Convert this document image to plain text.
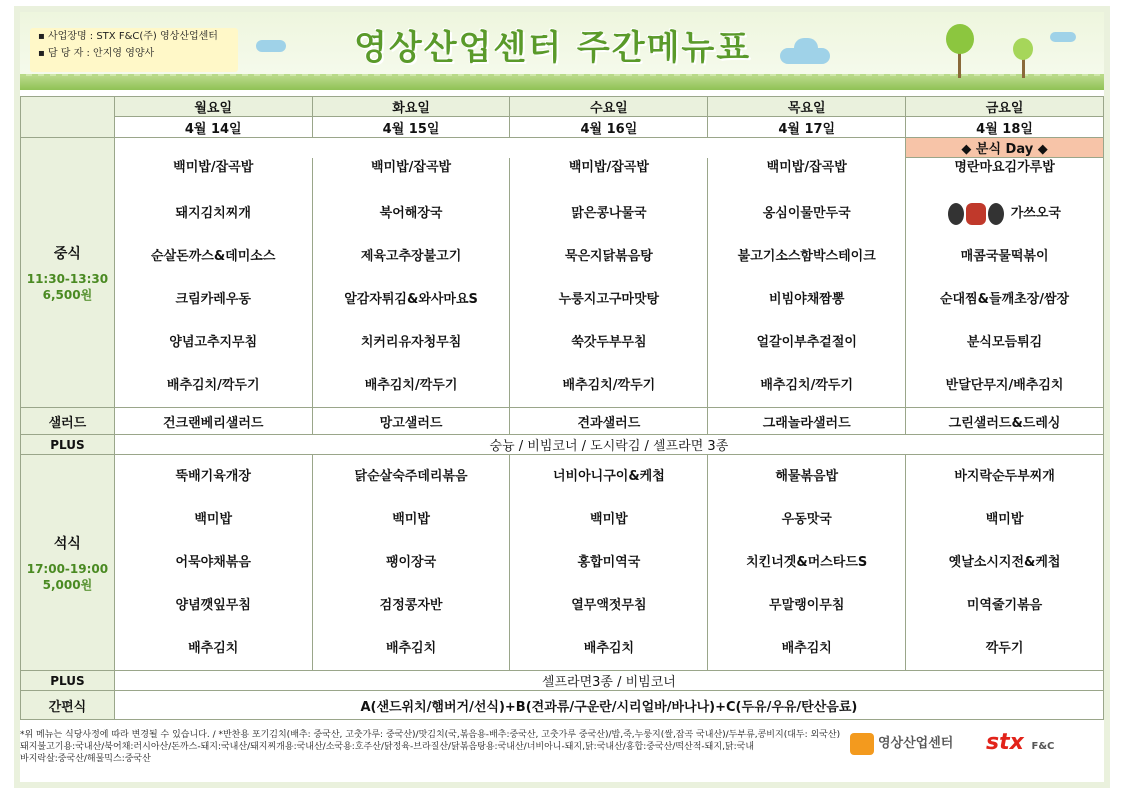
▪ 사업장명 : STX F&C(주) 영상산업센터
▪ 담 당 자 : 안지영 영양사	영상산업센터 주간메뉴표
	월요일	화요일	수요일	목요일	금요일
	4월 14일	4월 15일	4월 16일	4월 17일	4월 18일

중식
11:30-13:30
6,500원					◆ 분식 Day ◆
	백미밥/잡곡밥	백미밥/잡곡밥	백미밥/잡곡밥	백미밥/잡곡밥	명란마요김가루밥
	돼지김치찌개	북어해장국	맑은콩나물국	옹심이물만두국	가쓰오국
	순살돈까스&데미소스	제육고추장불고기	묵은지닭볶음탕	불고기소스함박스테이크	매콤국물떡볶이
	크림카레우동	알감자튀김&와사마요S	누룽지고구마맛탕	비빔야채짬뽕	순대찜&들깨초장/쌈장
	양념고추지무침	치커리유자청무침	쑥갓두부무침	얼갈이부추겉절이	분식모듬튀김
	배추김치/깍두기	배추김치/깍두기	배추김치/깍두기	배추김치/깍두기	반달단무지/배추김치
샐러드	건크랜베리샐러드	망고샐러드	견과샐러드	그래놀라샐러드	그린샐러드&드레싱
PLUS	숭늉 / 비빔코너 / 도시락김 / 셀프라면 3종				

석식
17:00-19:00
5,000원	뚝배기육개장	닭순살숙주데리볶음	너비아니구이&케첩	해물볶음밥	바지락순두부찌개
	백미밥	백미밥	백미밥	우동맛국	백미밥
	어묵야채볶음	팽이장국	홍합미역국	치킨너겟&머스타드S	옛날소시지전&케첩
	양념깻잎무침	검정콩자반	열무액젓무침	무말랭이무침	미역줄기볶음
	배추김치	배추김치	배추김치	배추김치	깍두기
PLUS	셀프라면3종 / 비빔코너				
간편식	A(샌드위치/햄버거/선식)+B(견과류/구운란/시리얼바/바나나)+C(두유/우유/탄산음료)				
*위 메뉴는 식당사정에 따라 변경될 수 있습니다. / *반찬용 포기김치(배추: 중국산, 고춧가루: 중국산)/맛김치(국,볶음용-배추:중국산, 고춧가루 중국산)/밥,죽,누룽지(쌀,잡곡 국내산)/두부류,콩비지(대두: 외국산)
돼지불고기용:국내산/북어채:러시아산/돈까스-돼지:국내산/돼지찌개용:국내산/소국용:호주산/닭정육-브라질산/닭볶음탕용:국내산/너비아니-돼지,닭:국내산/홍합:중국산/떡산적-돼지,닭:국내
바지락살:중국산/해물믹스:중국산
영상산업센터 stx F&C
